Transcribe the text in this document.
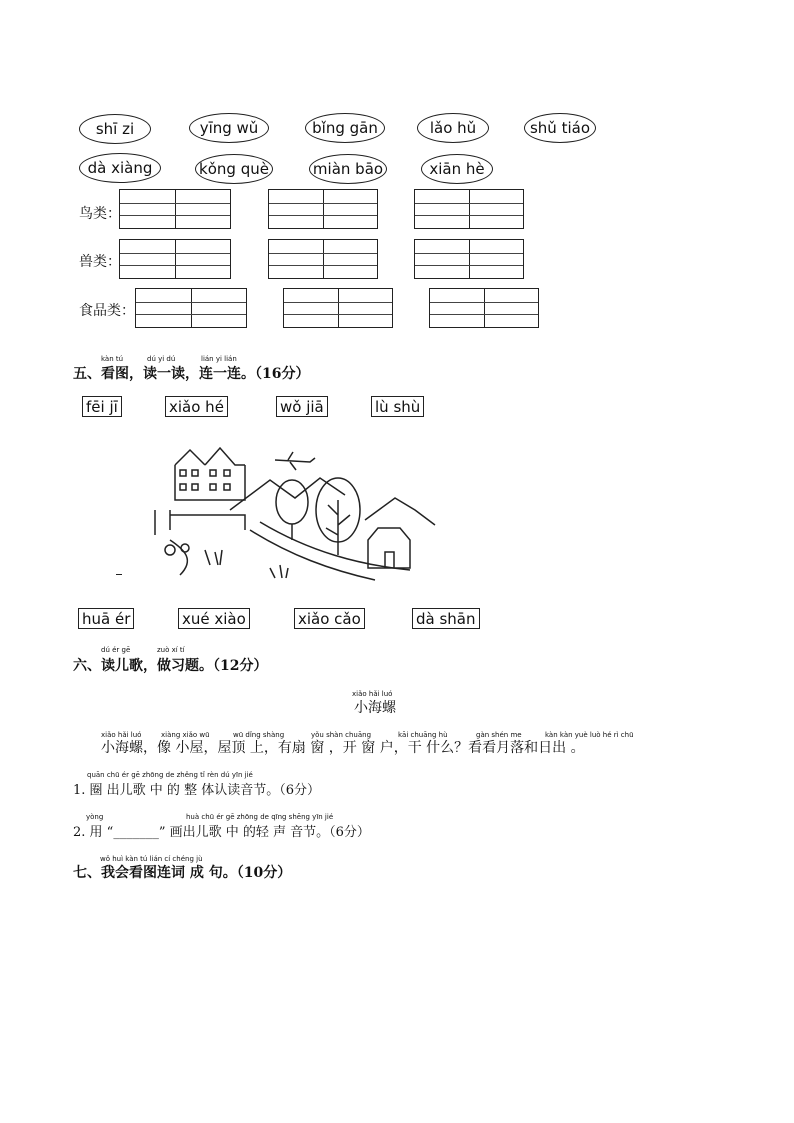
shī zi	yīng wǔ	bǐng gān	lǎo hǔ	shǔ tiáo
dà xiàng	kǒng què	miàn bāo	xiān hè
鸟类：
兽类：
食品类：
kàn tú	dú yi dú	lián yi lián
五、看图，读一读，连一连。（16分）
fēi jī	xiǎo hé	wǒ jiā	lù shù
huā ér	xué xiào	xiǎo cǎo	dà shān
dú ér gē	zuò xí tí
六、读儿歌，做习题。（12分）
xiǎo hǎi luó
小海螺
xiǎo hǎi luó	xiàng xiǎo wū	wū dǐng shàng	yǒu shàn chuāng	kāi chuāng hù	gàn shén me	kàn kàn yuè luò hé rì chū
小海螺，像 小屋，屋顶 上，有扇 窗 ，开 窗 户，干 什么？看看月落和日出 。
quān chū ér gē zhōng de zhěng tǐ rèn dú yīn jié
1. 圈 出儿歌 中 的 整 体认读音节。（6分）
yòng	huà chū ér gē zhōng de qīng shēng yīn jié
2. 用 “_______” 画出儿歌 中 的轻 声 音节。（6分）
wǒ huì kàn tú lián cí chéng jù
七、我会看图连词 成 句。（10分）
